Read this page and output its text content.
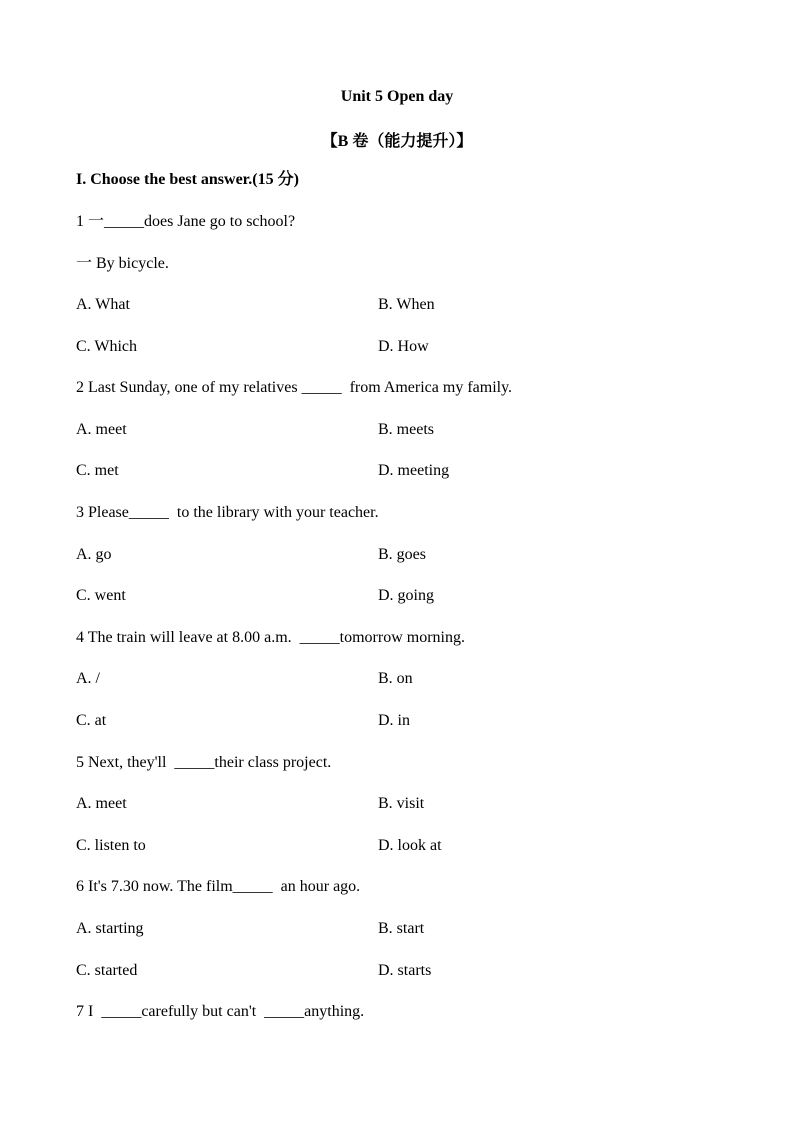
Unit 5 Open day
【B 卷（能力提升）】
I. Choose the best answer.(15 分)
1 一_____does Jane go to school?
一 By bicycle.
A. What	B. When
C. Which	D. How
2 Last Sunday, one of my relatives _____  from America my family.
A. meet	B. meets
C. met	D. meeting
3 Please_____  to the library with your teacher.
A. go	B. goes
C. went	D. going
4 The train will leave at 8.00 a.m.  _____tomorrow morning.
A. /	B. on
C. at	D. in
5 Next, they'll  _____their class project.
A. meet	B. visit
C. listen to	D. look at
6 It's 7.30 now. The film_____  an hour ago.
A. starting	B. start
C. started	D. starts
7 I  _____carefully but can't  _____anything.
